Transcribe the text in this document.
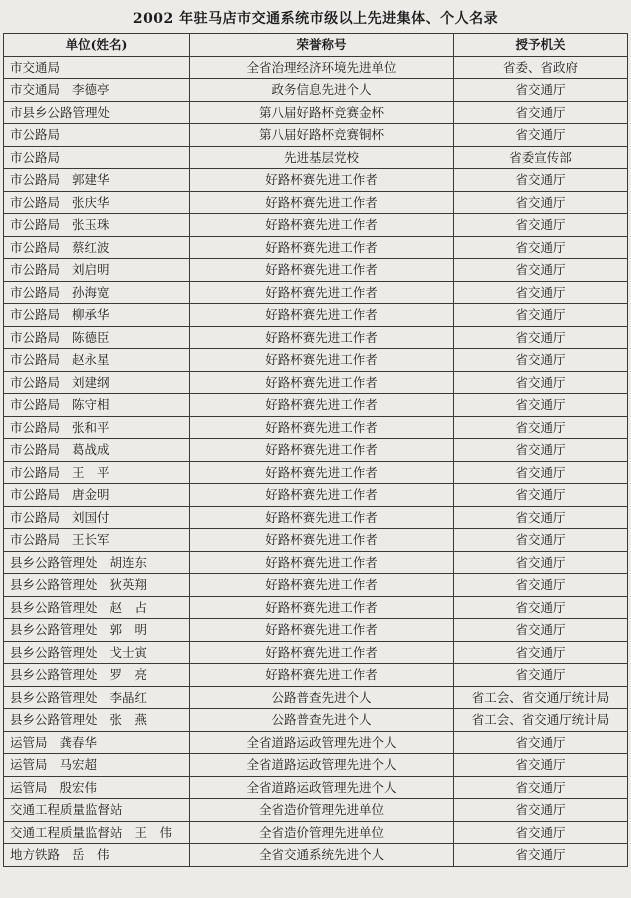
2002 年驻马店市交通系统市级以上先进集体、个人名录
单位(姓名)	荣誉称号	授予机关
市交通局	全省治理经济环境先进单位	省委、省政府
市交通局 李德亭	政务信息先进个人	省交通厅
市县乡公路管理处	第八届好路杯竞赛金杯	省交通厅
市公路局	第八届好路杯竞赛铜杯	省交通厅
市公路局	先进基层党校	省委宣传部
市公路局 郭建华	好路杯赛先进工作者	省交通厅
市公路局 张庆华	好路杯赛先进工作者	省交通厅
市公路局 张玉珠	好路杯赛先进工作者	省交通厅
市公路局 蔡红波	好路杯赛先进工作者	省交通厅
市公路局 刘启明	好路杯赛先进工作者	省交通厅
市公路局 孙海宽	好路杯赛先进工作者	省交通厅
市公路局 柳承华	好路杯赛先进工作者	省交通厅
市公路局 陈德臣	好路杯赛先进工作者	省交通厅
市公路局 赵永星	好路杯赛先进工作者	省交通厅
市公路局 刘建纲	好路杯赛先进工作者	省交通厅
市公路局 陈守相	好路杯赛先进工作者	省交通厅
市公路局 张和平	好路杯赛先进工作者	省交通厅
市公路局 葛战成	好路杯赛先进工作者	省交通厅
市公路局 王　平	好路杯赛先进工作者	省交通厅
市公路局 唐金明	好路杯赛先进工作者	省交通厅
市公路局 刘国付	好路杯赛先进工作者	省交通厅
市公路局 王长军	好路杯赛先进工作者	省交通厅
县乡公路管理处 胡连东	好路杯赛先进工作者	省交通厅
县乡公路管理处 狄英翔	好路杯赛先进工作者	省交通厅
县乡公路管理处 赵　占	好路杯赛先进工作者	省交通厅
县乡公路管理处 郭　明	好路杯赛先进工作者	省交通厅
县乡公路管理处 戈士寅	好路杯赛先进工作者	省交通厅
县乡公路管理处 罗　亮	好路杯赛先进工作者	省交通厅
县乡公路管理处 李晶红	公路普查先进个人	省工会、省交通厅统计局
县乡公路管理处 张　燕	公路普查先进个人	省工会、省交通厅统计局
运管局 龚春华	全省道路运政管理先进个人	省交通厅
运管局 马宏超	全省道路运政管理先进个人	省交通厅
运管局 殷宏伟	全省道路运政管理先进个人	省交通厅
交通工程质量监督站	全省造价管理先进单位	省交通厅
交通工程质量监督站 王　伟	全省造价管理先进单位	省交通厅
地方铁路 岳　伟	全省交通系统先进个人	省交通厅
